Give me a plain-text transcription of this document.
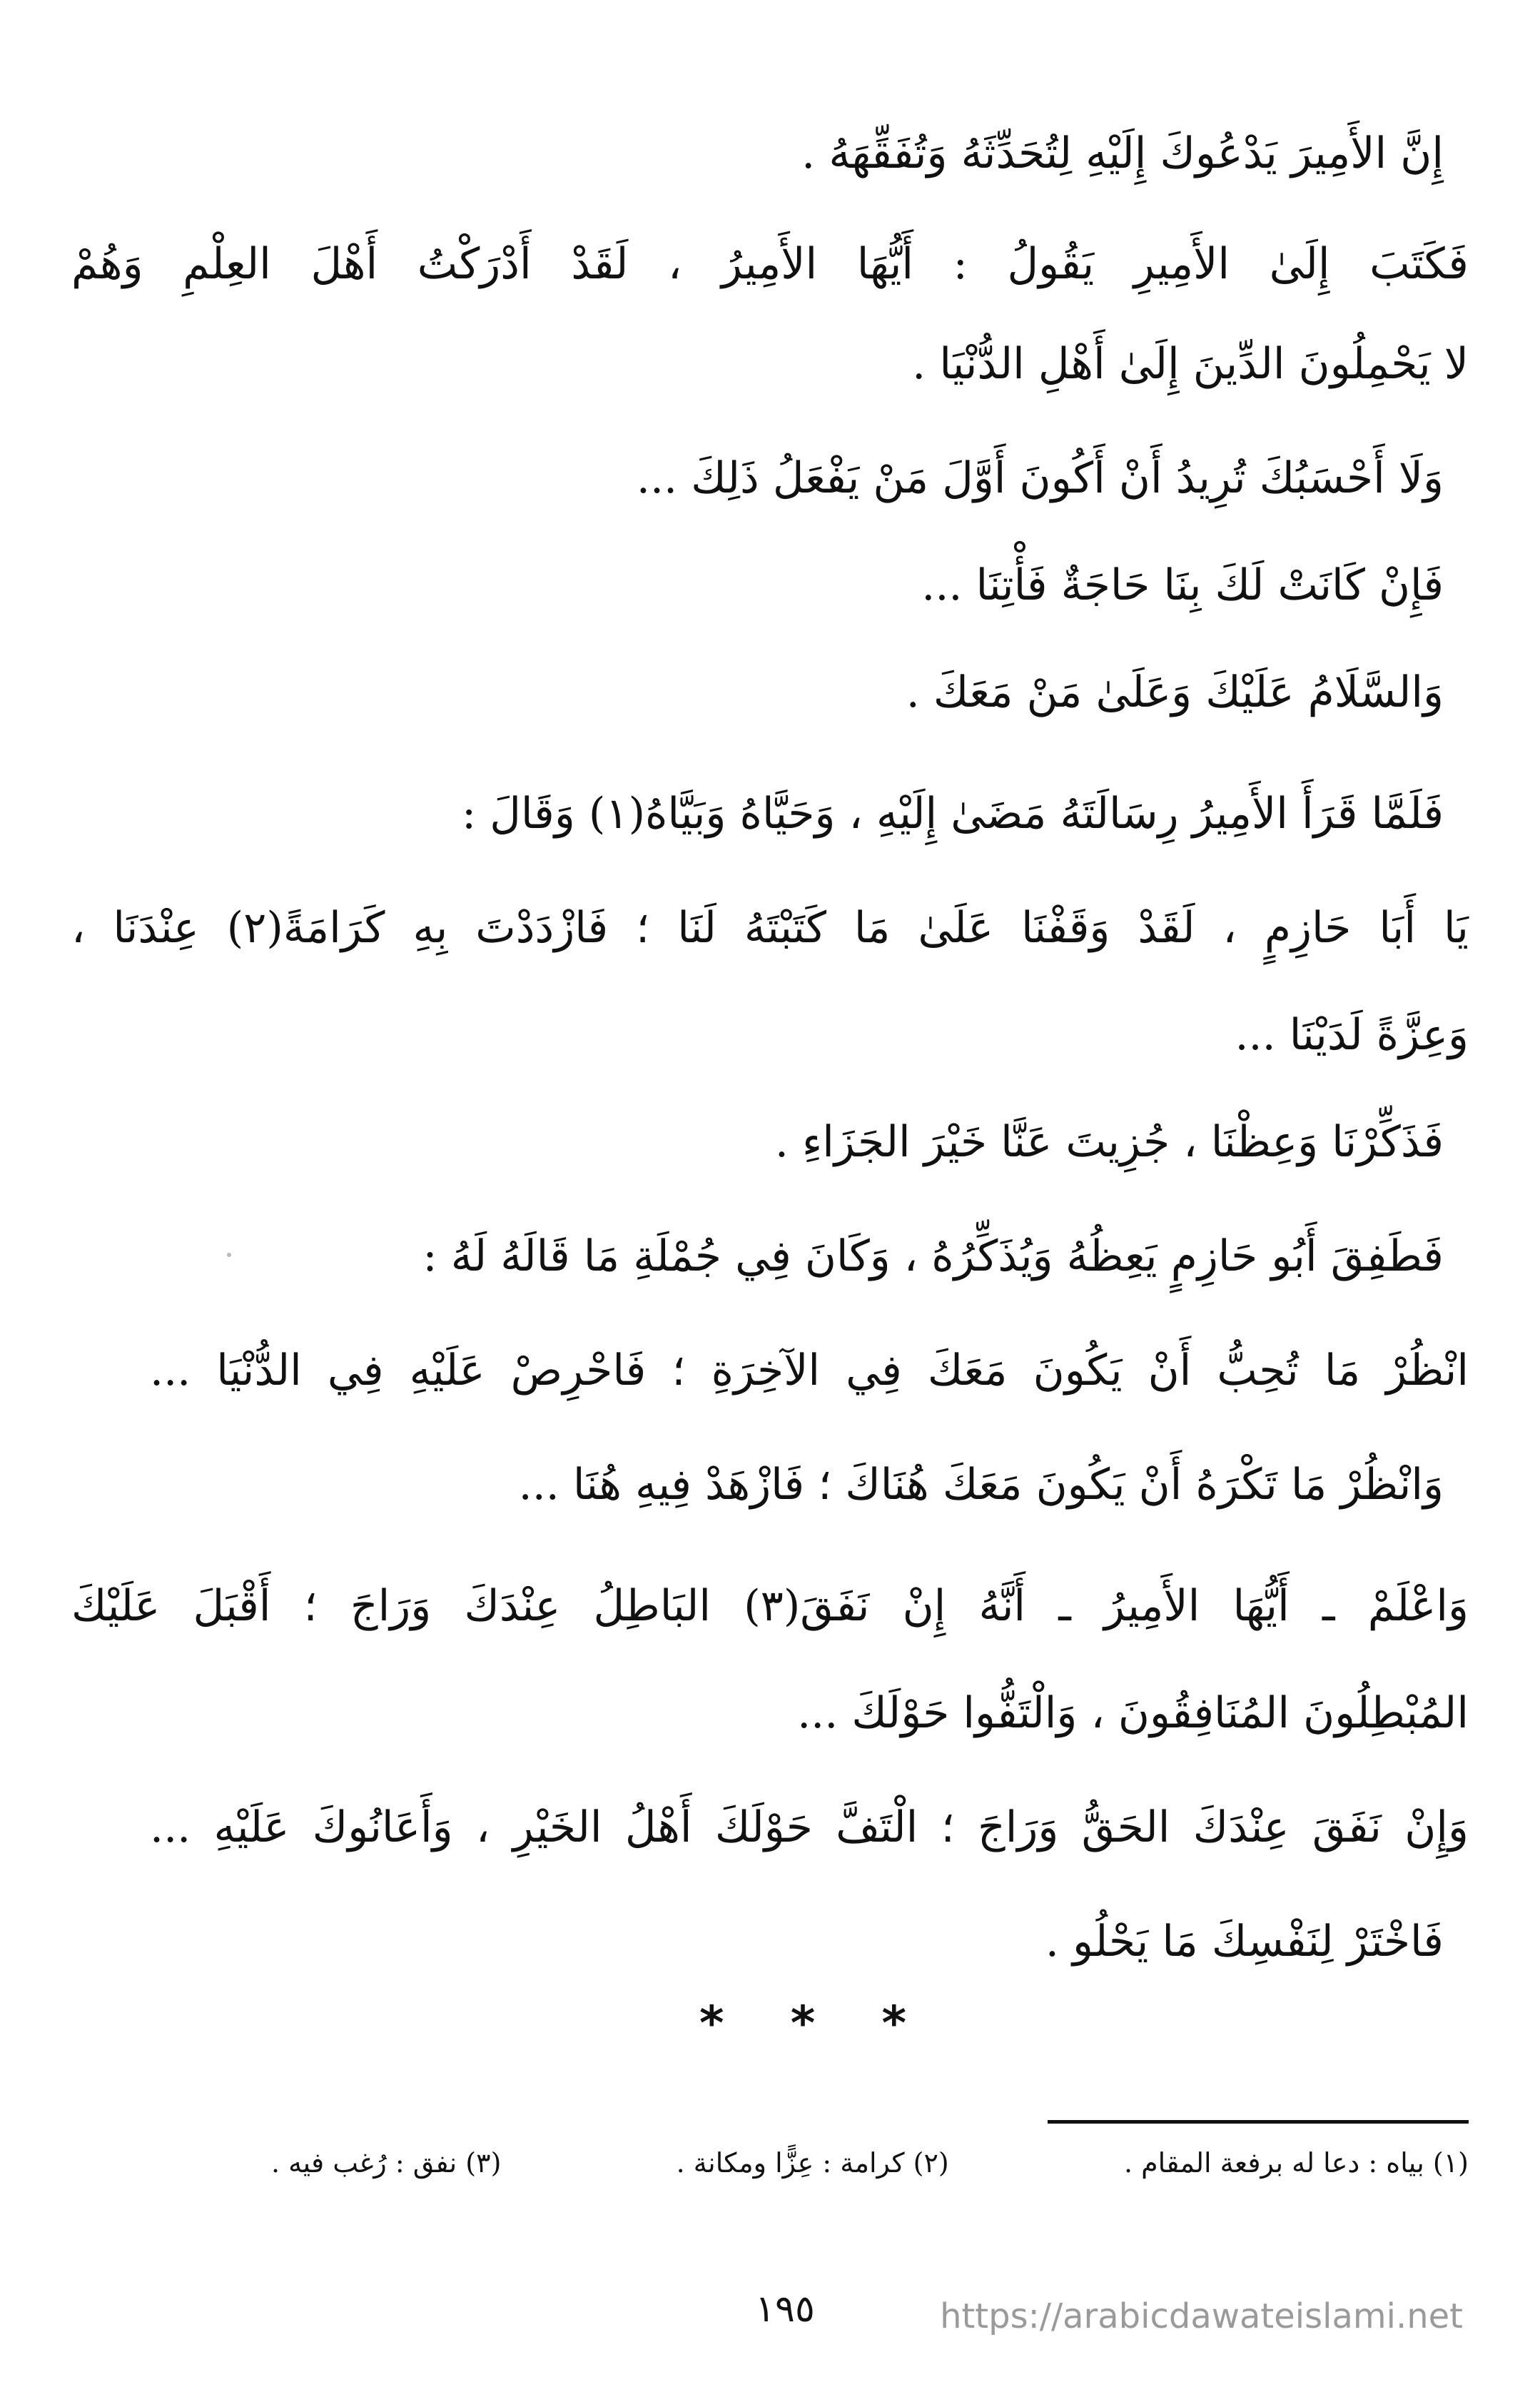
إِنَّ الأَمِيرَ يَدْعُوكَ إِلَيْهِ لِتُحَدِّثَهُ وَتُفَقِّهَهُ .
فَكَتَبَ إِلَىٰ الأَمِيرِ يَقُولُ : أَيُّهَا الأَمِيرُ ، لَقَدْ أَدْرَكْتُ أَهْلَ العِلْمِ وَهُمْ
لا يَحْمِلُونَ الدِّينَ إِلَىٰ أَهْلِ الدُّنْيَا .
وَلَا أَحْسَبُكَ تُرِيدُ أَنْ أَكُونَ أَوَّلَ مَنْ يَفْعَلُ ذَلِكَ ...
فَإِنْ كَانَتْ لَكَ بِنَا حَاجَةٌ فَأْتِنَا ...
وَالسَّلَامُ عَلَيْكَ وَعَلَىٰ مَنْ مَعَكَ .
فَلَمَّا قَرَأَ الأَمِيرُ رِسَالَتَهُ مَضَىٰ إِلَيْهِ ، وَحَيَّاهُ وَبَيَّاهُ(١) وَقَالَ :
يَا أَبَا حَازِمٍ ، لَقَدْ وَقَفْنَا عَلَىٰ مَا كَتَبْتَهُ لَنَا ؛ فَازْدَدْتَ بِهِ كَرَامَةً(٢) عِنْدَنَا ،
وَعِزَّةً لَدَيْنَا ...
فَذَكِّرْنَا وَعِظْنَا ، جُزِيتَ عَنَّا خَيْرَ الجَزَاءِ .
فَطَفِقَ أَبُو حَازِمٍ يَعِظُهُ وَيُذَكِّرُهُ ، وَكَانَ فِي جُمْلَةِ مَا قَالَهُ لَهُ :
انْظُرْ مَا تُحِبُّ أَنْ يَكُونَ مَعَكَ فِي الآخِرَةِ ؛ فَاحْرِصْ عَلَيْهِ فِي الدُّنْيَا ...
وَانْظُرْ مَا تَكْرَهُ أَنْ يَكُونَ مَعَكَ هُنَاكَ ؛ فَازْهَدْ فِيهِ هُنَا ...
وَاعْلَمْ ـ أَيُّهَا الأَمِيرُ ـ أَنَّهُ إِنْ نَفَقَ(٣) البَاطِلُ عِنْدَكَ وَرَاجَ ؛ أَقْبَلَ عَلَيْكَ
المُبْطِلُونَ المُنَافِقُونَ ، وَالْتَفُّوا حَوْلَكَ ...
وَإِنْ نَفَقَ عِنْدَكَ الحَقُّ وَرَاجَ ؛ الْتَفَّ حَوْلَكَ أَهْلُ الخَيْرِ ، وَأَعَانُوكَ عَلَيْهِ ...
فَاخْتَرْ لِنَفْسِكَ مَا يَحْلُو .
* * *
(١) بياه : دعا له برفعة المقام .
(٢) كرامة : عِزًّا ومكانة .
(٣) نفق : رُغب فيه .
١٩٥	https://arabicdawateislami.net
